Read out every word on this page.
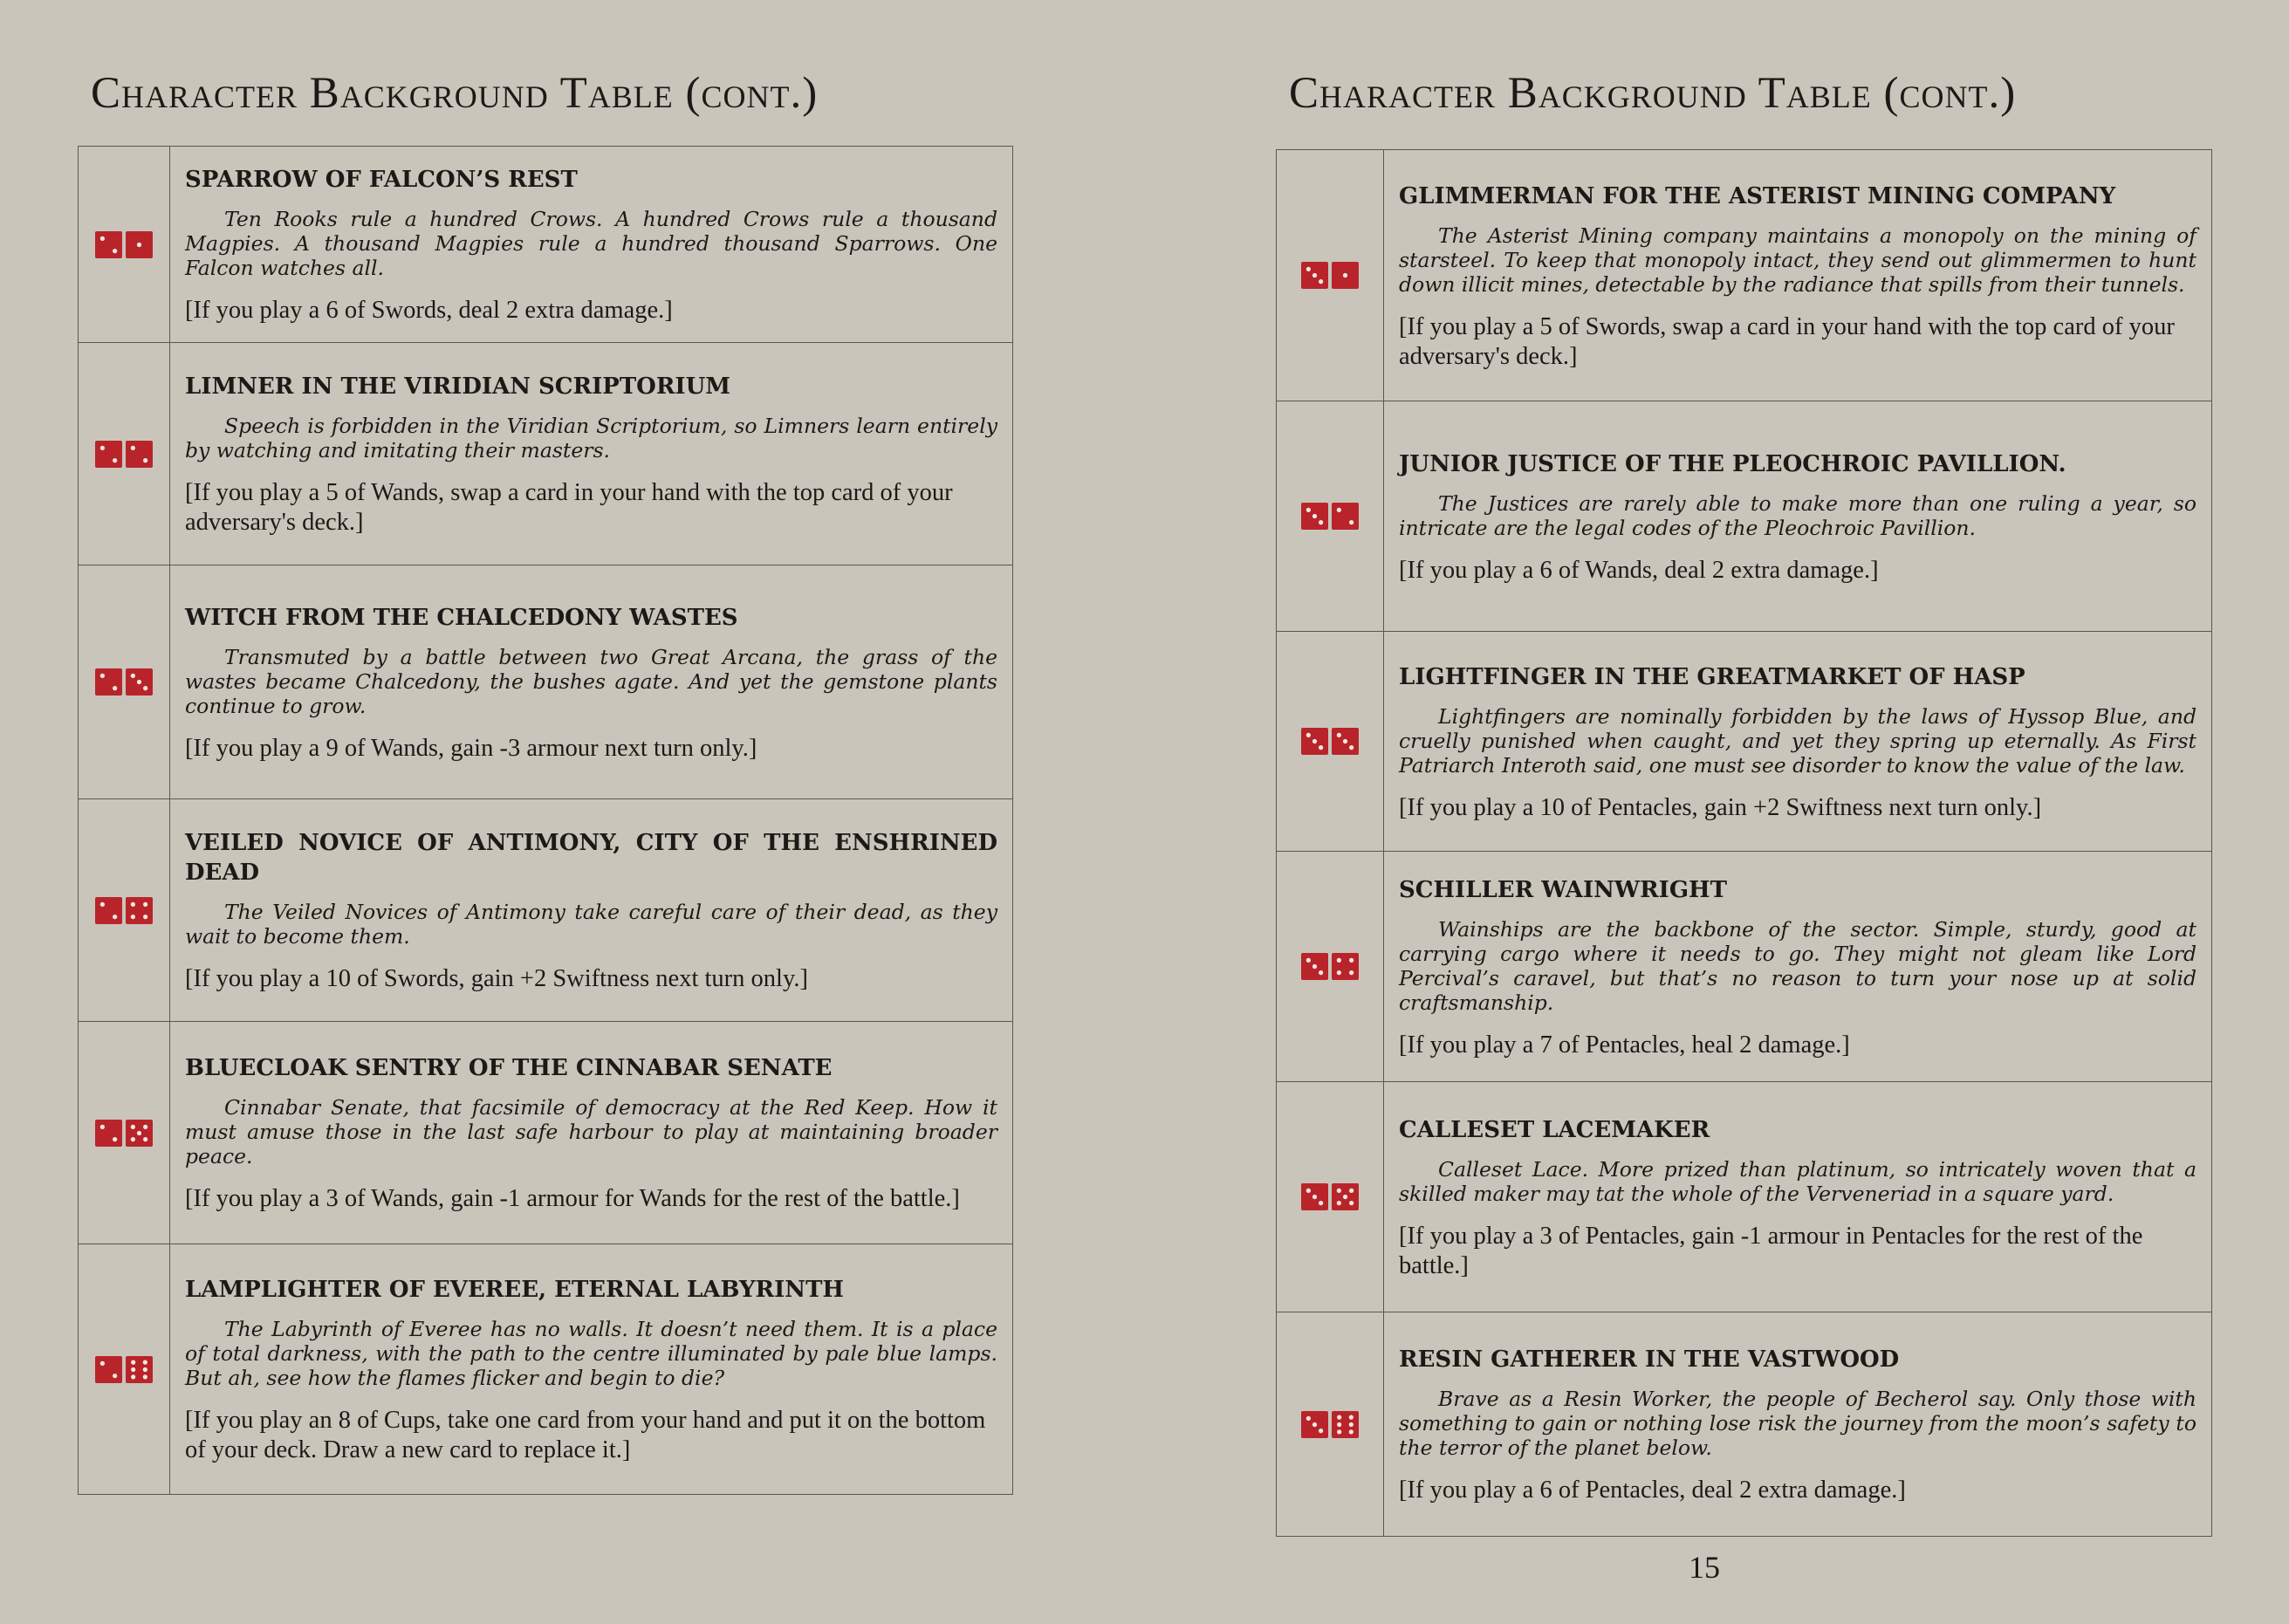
Character Background Table (cont.)	Character Background Table (cont.)

SPARROW OF FALCON’S REST

Ten Rooks rule a hundred Crows. A hundred Crows rule a thousand Magpies. A thousand Magpies rule a hundred thousand Sparrows. One Falcon watches all.

[If you play a 6 of Swords, deal 2 extra damage.]

LIMNER IN THE VIRIDIAN SCRIPTORIUM

Speech is forbidden in the Viridian Scriptorium, so Limners learn entirely by watching and imitating their masters.

[If you play a 5 of Wands, swap a card in your hand with the top card of your adversary's deck.]

WITCH FROM THE CHALCEDONY WASTES

Transmuted by a battle between two Great Arcana, the grass of the wastes became Chalcedony, the bushes agate. And yet the gemstone plants continue to grow.

[If you play a 9 of Wands, gain -3 armour next turn only.]

VEILED NOVICE OF ANTIMONY, CITY OF THE ENSHRINED DEAD

The Veiled Novices of Antimony take careful care of their dead, as they wait to become them.

[If you play a 10 of Swords, gain +2 Swiftness next turn only.]

BLUECLOAK SENTRY OF THE CINNABAR SENATE

Cinnabar Senate, that facsimile of democracy at the Red Keep. How it must amuse those in the last safe harbour to play at maintaining broader peace.

[If you play a 3 of Wands, gain -1 armour for Wands for the rest of the battle.]

LAMPLIGHTER OF EVEREE, ETERNAL LABYRINTH

The Labyrinth of Everee has no walls. It doesn’t need them. It is a place of total darkness, with the path to the centre illuminated by pale blue lamps. But ah, see how the flames flicker and begin to die?

[If you play an 8 of Cups, take one card from your hand and put it on the bottom of your deck. Draw a new card to replace it.]

GLIMMERMAN FOR THE ASTERIST MINING COMPANY

The Asterist Mining company maintains a monopoly on the mining of starsteel. To keep that monopoly intact, they send out glimmermen to hunt down illicit mines, detectable by the radiance that spills from their tunnels.

[If you play a 5 of Swords, swap a card in your hand with the top card of your adversary's deck.]

JUNIOR JUSTICE OF THE PLEOCHROIC PAVILLION.

The Justices are rarely able to make more than one ruling a year, so intricate are the legal codes of the Pleochroic Pavillion.

[If you play a 6 of Wands, deal 2 extra damage.]

LIGHTFINGER IN THE GREATMARKET OF HASP

Lightfingers are nominally forbidden by the laws of Hyssop Blue, and cruelly punished when caught, and yet they spring up eternally. As First Patriarch Interoth said, one must see disorder to know the value of the law.

[If you play a 10 of Pentacles, gain +2 Swiftness next turn only.]

SCHILLER WAINWRIGHT

Wainships are the backbone of the sector. Simple, sturdy, good at carrying cargo where it needs to go. They might not gleam like Lord Percival’s caravel, but that’s no reason to turn your nose up at solid craftsmanship.

[If you play a 7 of Pentacles, heal 2 damage.]

CALLESET LACEMAKER

Calleset Lace. More prized than platinum, so intricately woven that a skilled maker may tat the whole of the Verveneriad in a square yard.

[If you play a 3 of Pentacles, gain -1 armour in Pentacles for the rest of the battle.]

RESIN GATHERER IN THE VASTWOOD

Brave as a Resin Worker, the people of Becherol say. Only those with something to gain or nothing lose risk the journey from the moon’s safety to the terror of the planet below.

[If you play a 6 of Pentacles, deal 2 extra damage.]

15
